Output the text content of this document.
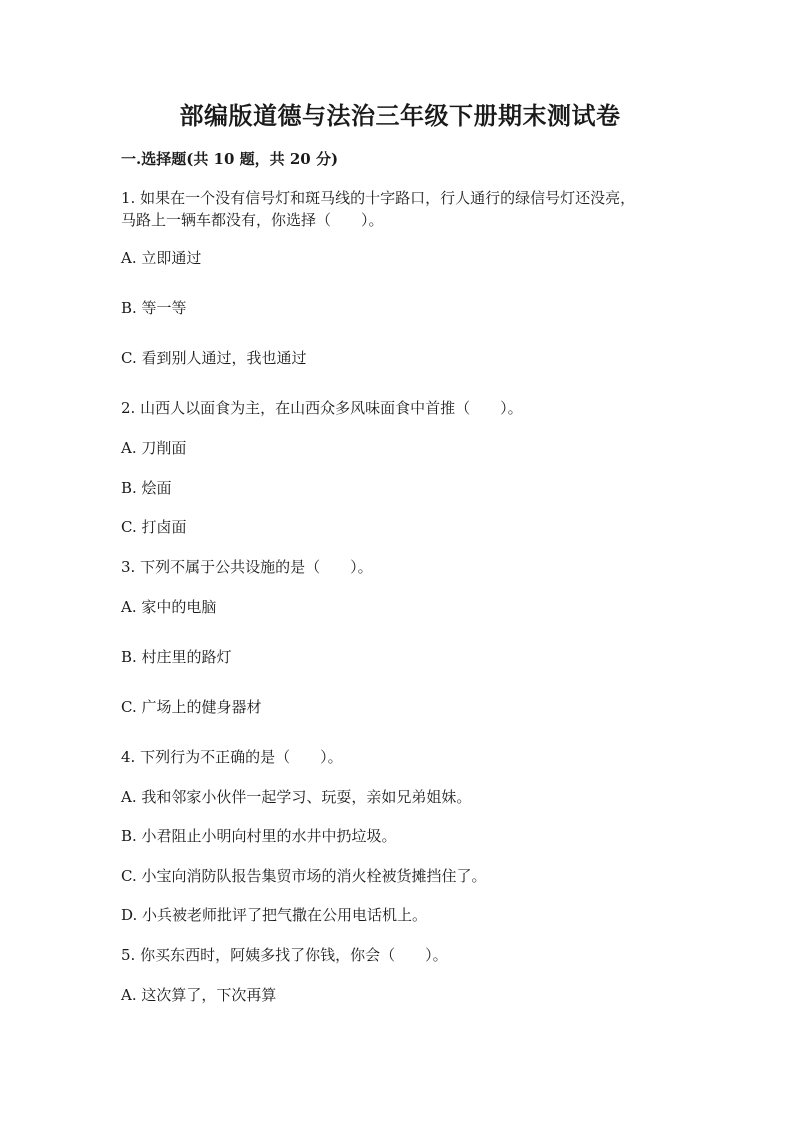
部编版道德与法治三年级下册期末测试卷
一.选择题(共 10 题，共 20 分)

1. 如果在一个没有信号灯和斑马线的十字路口，行人通行的绿信号灯还没亮，

马路上一辆车都没有，你选择（　　）。

A. 立即通过

B. 等一等

C. 看到别人通过，我也通过

2. 山西人以面食为主，在山西众多风味面食中首推（　　）。

A. 刀削面

B. 烩面

C. 打卤面

3. 下列不属于公共设施的是（　　）。

A. 家中的电脑

B. 村庄里的路灯

C. 广场上的健身器材

4. 下列行为不正确的是（　　）。

A. 我和邻家小伙伴一起学习、玩耍，亲如兄弟姐妹。

B. 小君阻止小明向村里的水井中扔垃圾。

C. 小宝向消防队报告集贸市场的消火栓被货摊挡住了。

D. 小兵被老师批评了把气撒在公用电话机上。

5. 你买东西时，阿姨多找了你钱，你会（　　）。

A. 这次算了，下次再算
